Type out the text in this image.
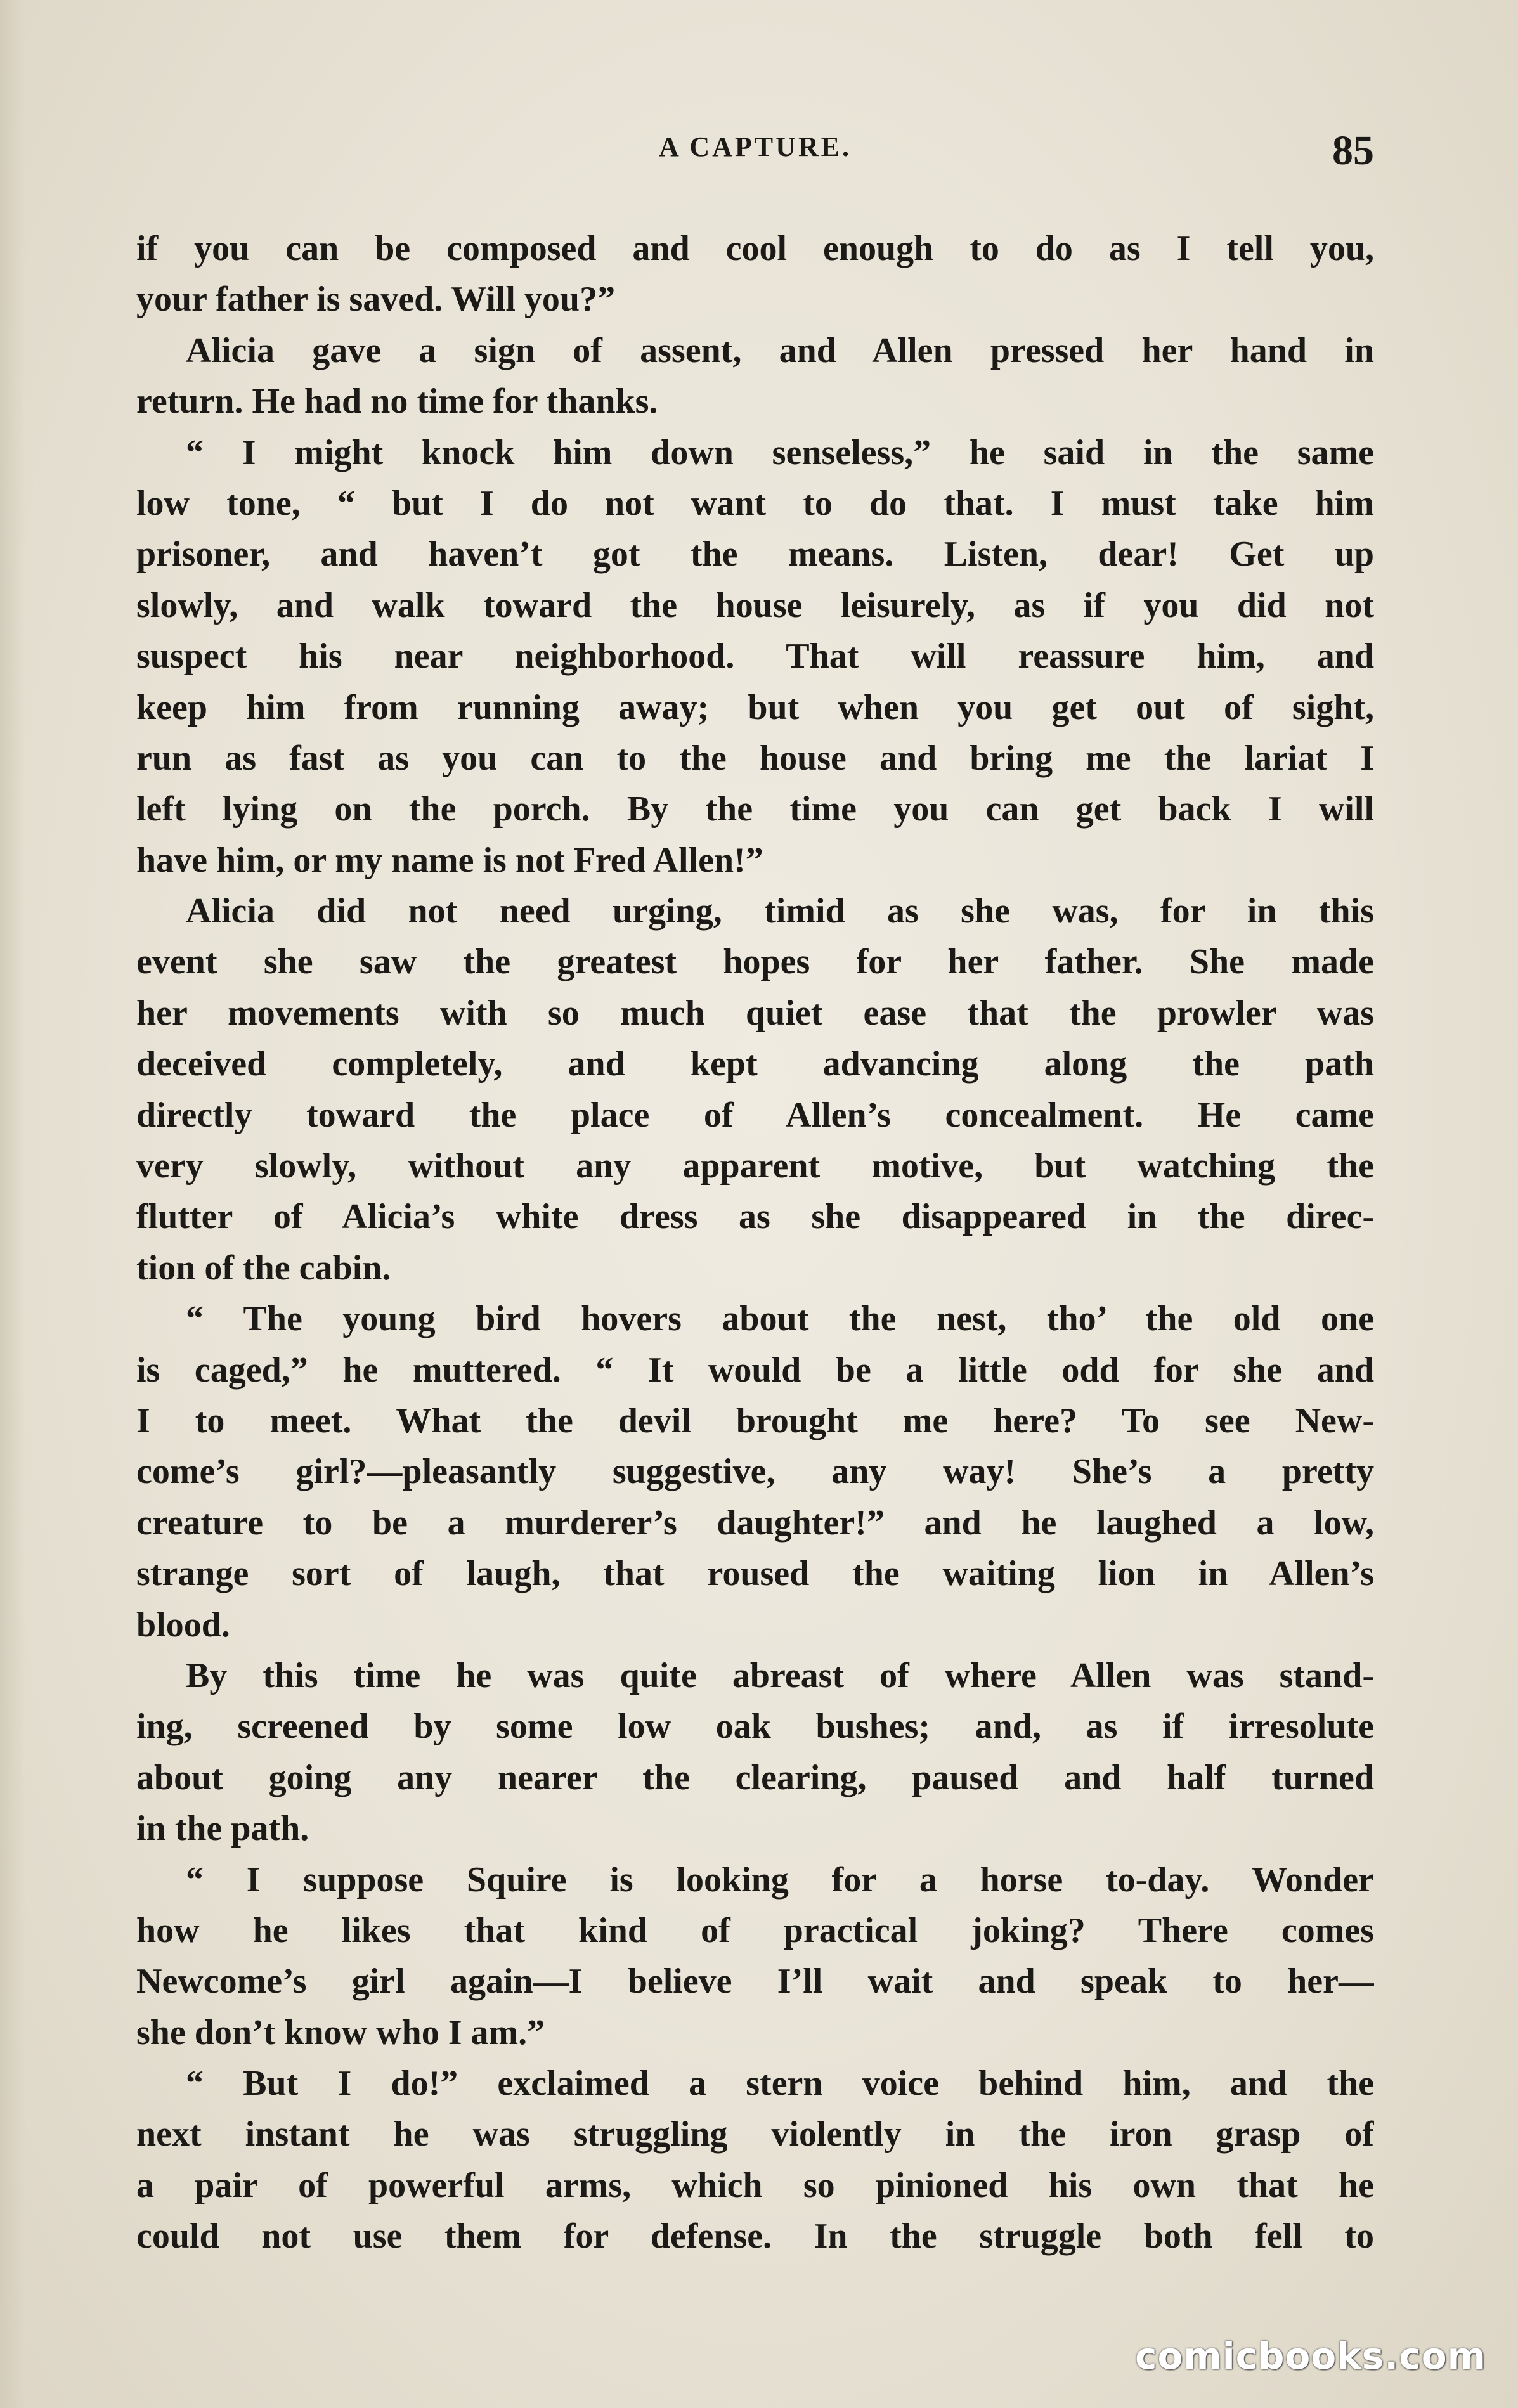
A CAPTURE.	85
if you can be composed and cool enough to do as I tell you,
your father is saved. Will you?”
Alicia gave a sign of assent, and Allen pressed her hand in
return. He had no time for thanks.
“ I might knock him down senseless,” he said in the same
low tone, “ but I do not want to do that. I must take him
prisoner, and haven’t got the means. Listen, dear! Get up
slowly, and walk toward the house leisurely, as if you did not
suspect his near neighborhood. That will reassure him, and
keep him from running away; but when you get out of sight,
run as fast as you can to the house and bring me the lariat I
left lying on the porch. By the time you can get back I will
have him, or my name is not Fred Allen!”
Alicia did not need urging, timid as she was, for in this
event she saw the greatest hopes for her father. She made
her movements with so much quiet ease that the prowler was
deceived completely, and kept advancing along the path
directly toward the place of Allen’s concealment. He came
very slowly, without any apparent motive, but watching the
flutter of Alicia’s white dress as she disappeared in the direc-
tion of the cabin.
“ The young bird hovers about the nest, tho’ the old one
is caged,” he muttered. “ It would be a little odd for she and
I to meet. What the devil brought me here? To see New-
come’s girl?—pleasantly suggestive, any way! She’s a pretty
creature to be a murderer’s daughter!” and he laughed a low,
strange sort of laugh, that roused the waiting lion in Allen’s
blood.
By this time he was quite abreast of where Allen was stand-
ing, screened by some low oak bushes; and, as if irresolute
about going any nearer the clearing, paused and half turned
in the path.
“ I suppose Squire is looking for a horse to-day. Wonder
how he likes that kind of practical joking? There comes
Newcome’s girl again—I believe I’ll wait and speak to her—
she don’t know who I am.”
“ But I do!” exclaimed a stern voice behind him, and the
next instant he was struggling violently in the iron grasp of
a pair of powerful arms, which so pinioned his own that he
could not use them for defense. In the struggle both fell to
comicbooks.com
